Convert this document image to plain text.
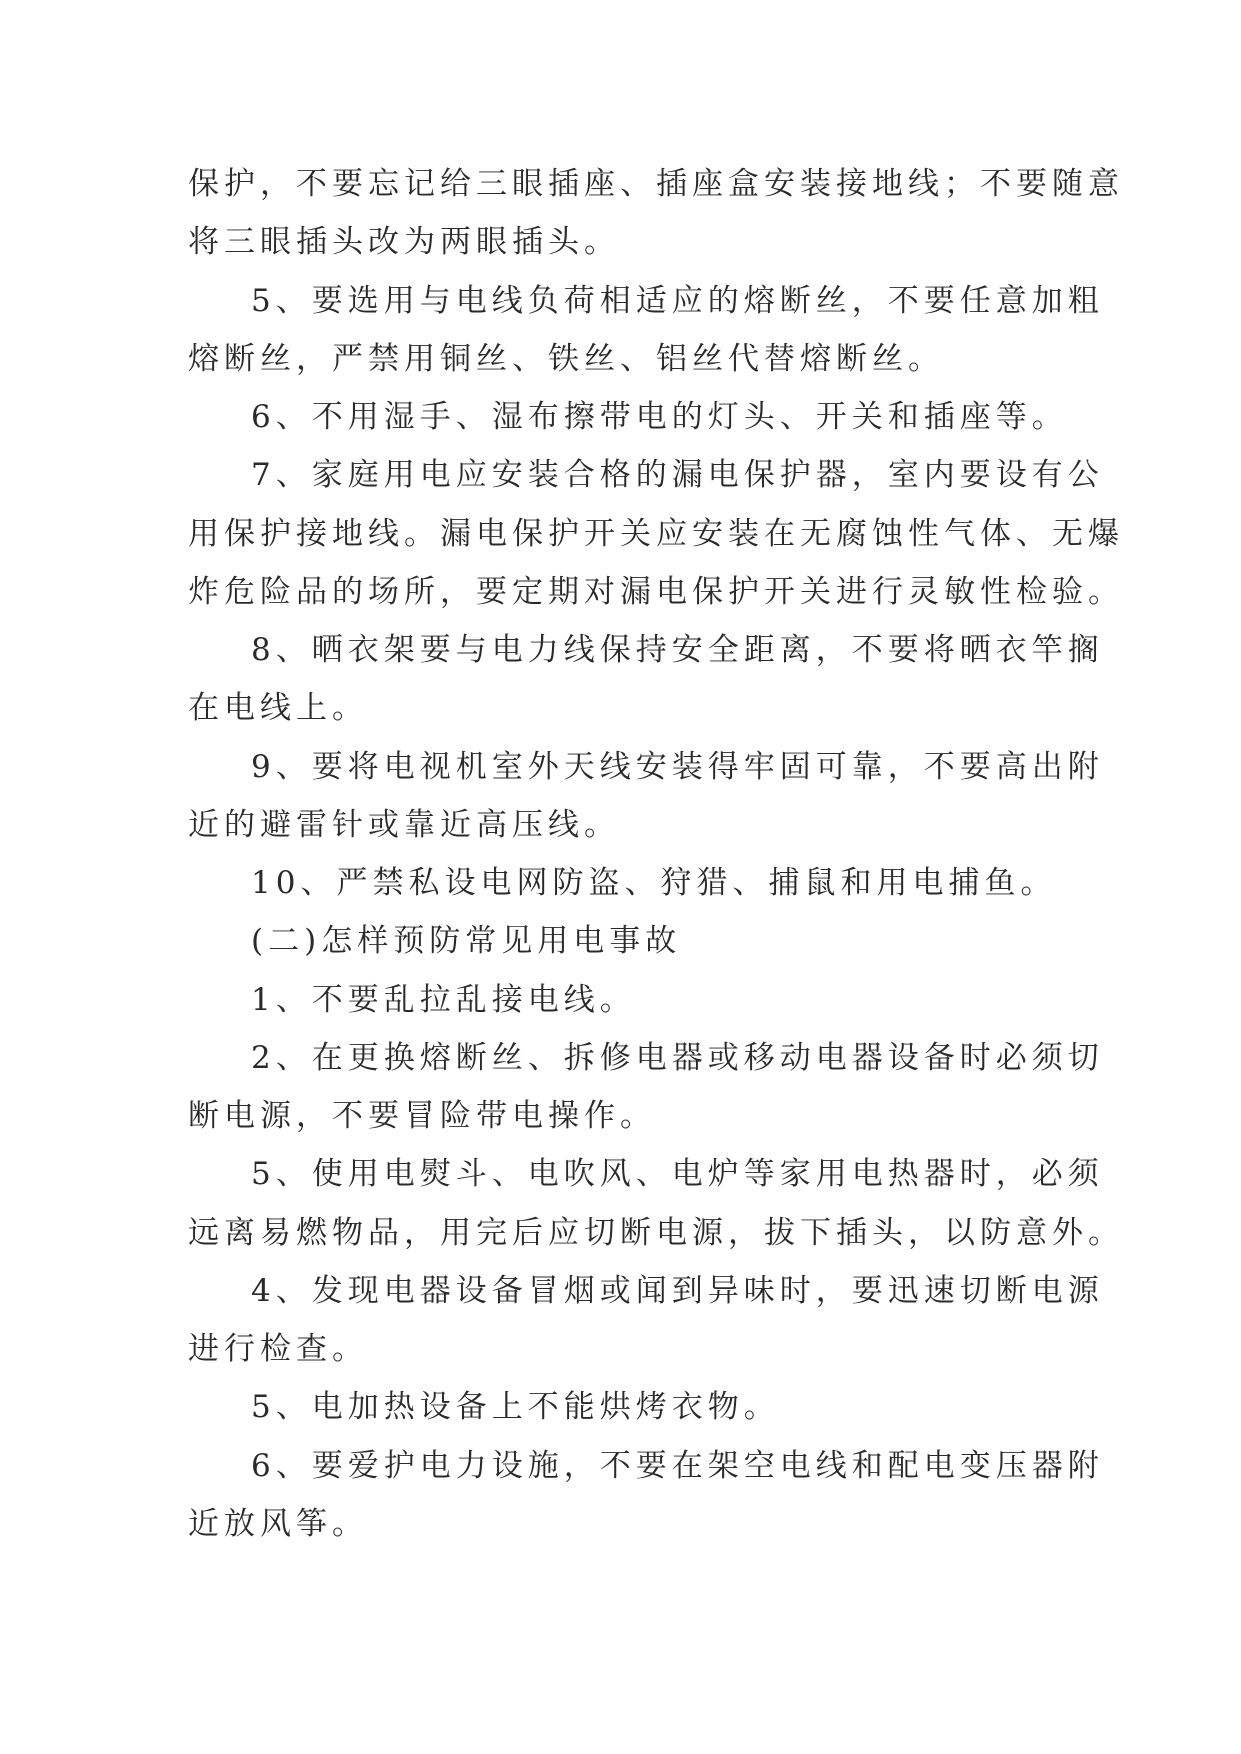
保护，不要忘记给三眼插座、插座盒安装接地线；不要随意
将三眼插头改为两眼插头。
5、要选用与电线负荷相适应的熔断丝，不要任意加粗
熔断丝，严禁用铜丝、铁丝、铝丝代替熔断丝。
6、不用湿手、湿布擦带电的灯头、开关和插座等。
7、家庭用电应安装合格的漏电保护器，室内要设有公
用保护接地线。漏电保护开关应安装在无腐蚀性气体、无爆
炸危险品的场所，要定期对漏电保护开关进行灵敏性检验。
8、晒衣架要与电力线保持安全距离，不要将晒衣竿搁
在电线上。
9、要将电视机室外天线安装得牢固可靠，不要高出附
近的避雷针或靠近高压线。
10、严禁私设电网防盗、狩猎、捕鼠和用电捕鱼。
(二)怎样预防常见用电事故
1、不要乱拉乱接电线。
2、在更换熔断丝、拆修电器或移动电器设备时必须切
断电源，不要冒险带电操作。
5、使用电熨斗、电吹风、电炉等家用电热器时，必须
远离易燃物品，用完后应切断电源，拔下插头，以防意外。
4、发现电器设备冒烟或闻到异味时，要迅速切断电源
进行检查。
5、电加热设备上不能烘烤衣物。
6、要爱护电力设施，不要在架空电线和配电变压器附
近放风筝。
